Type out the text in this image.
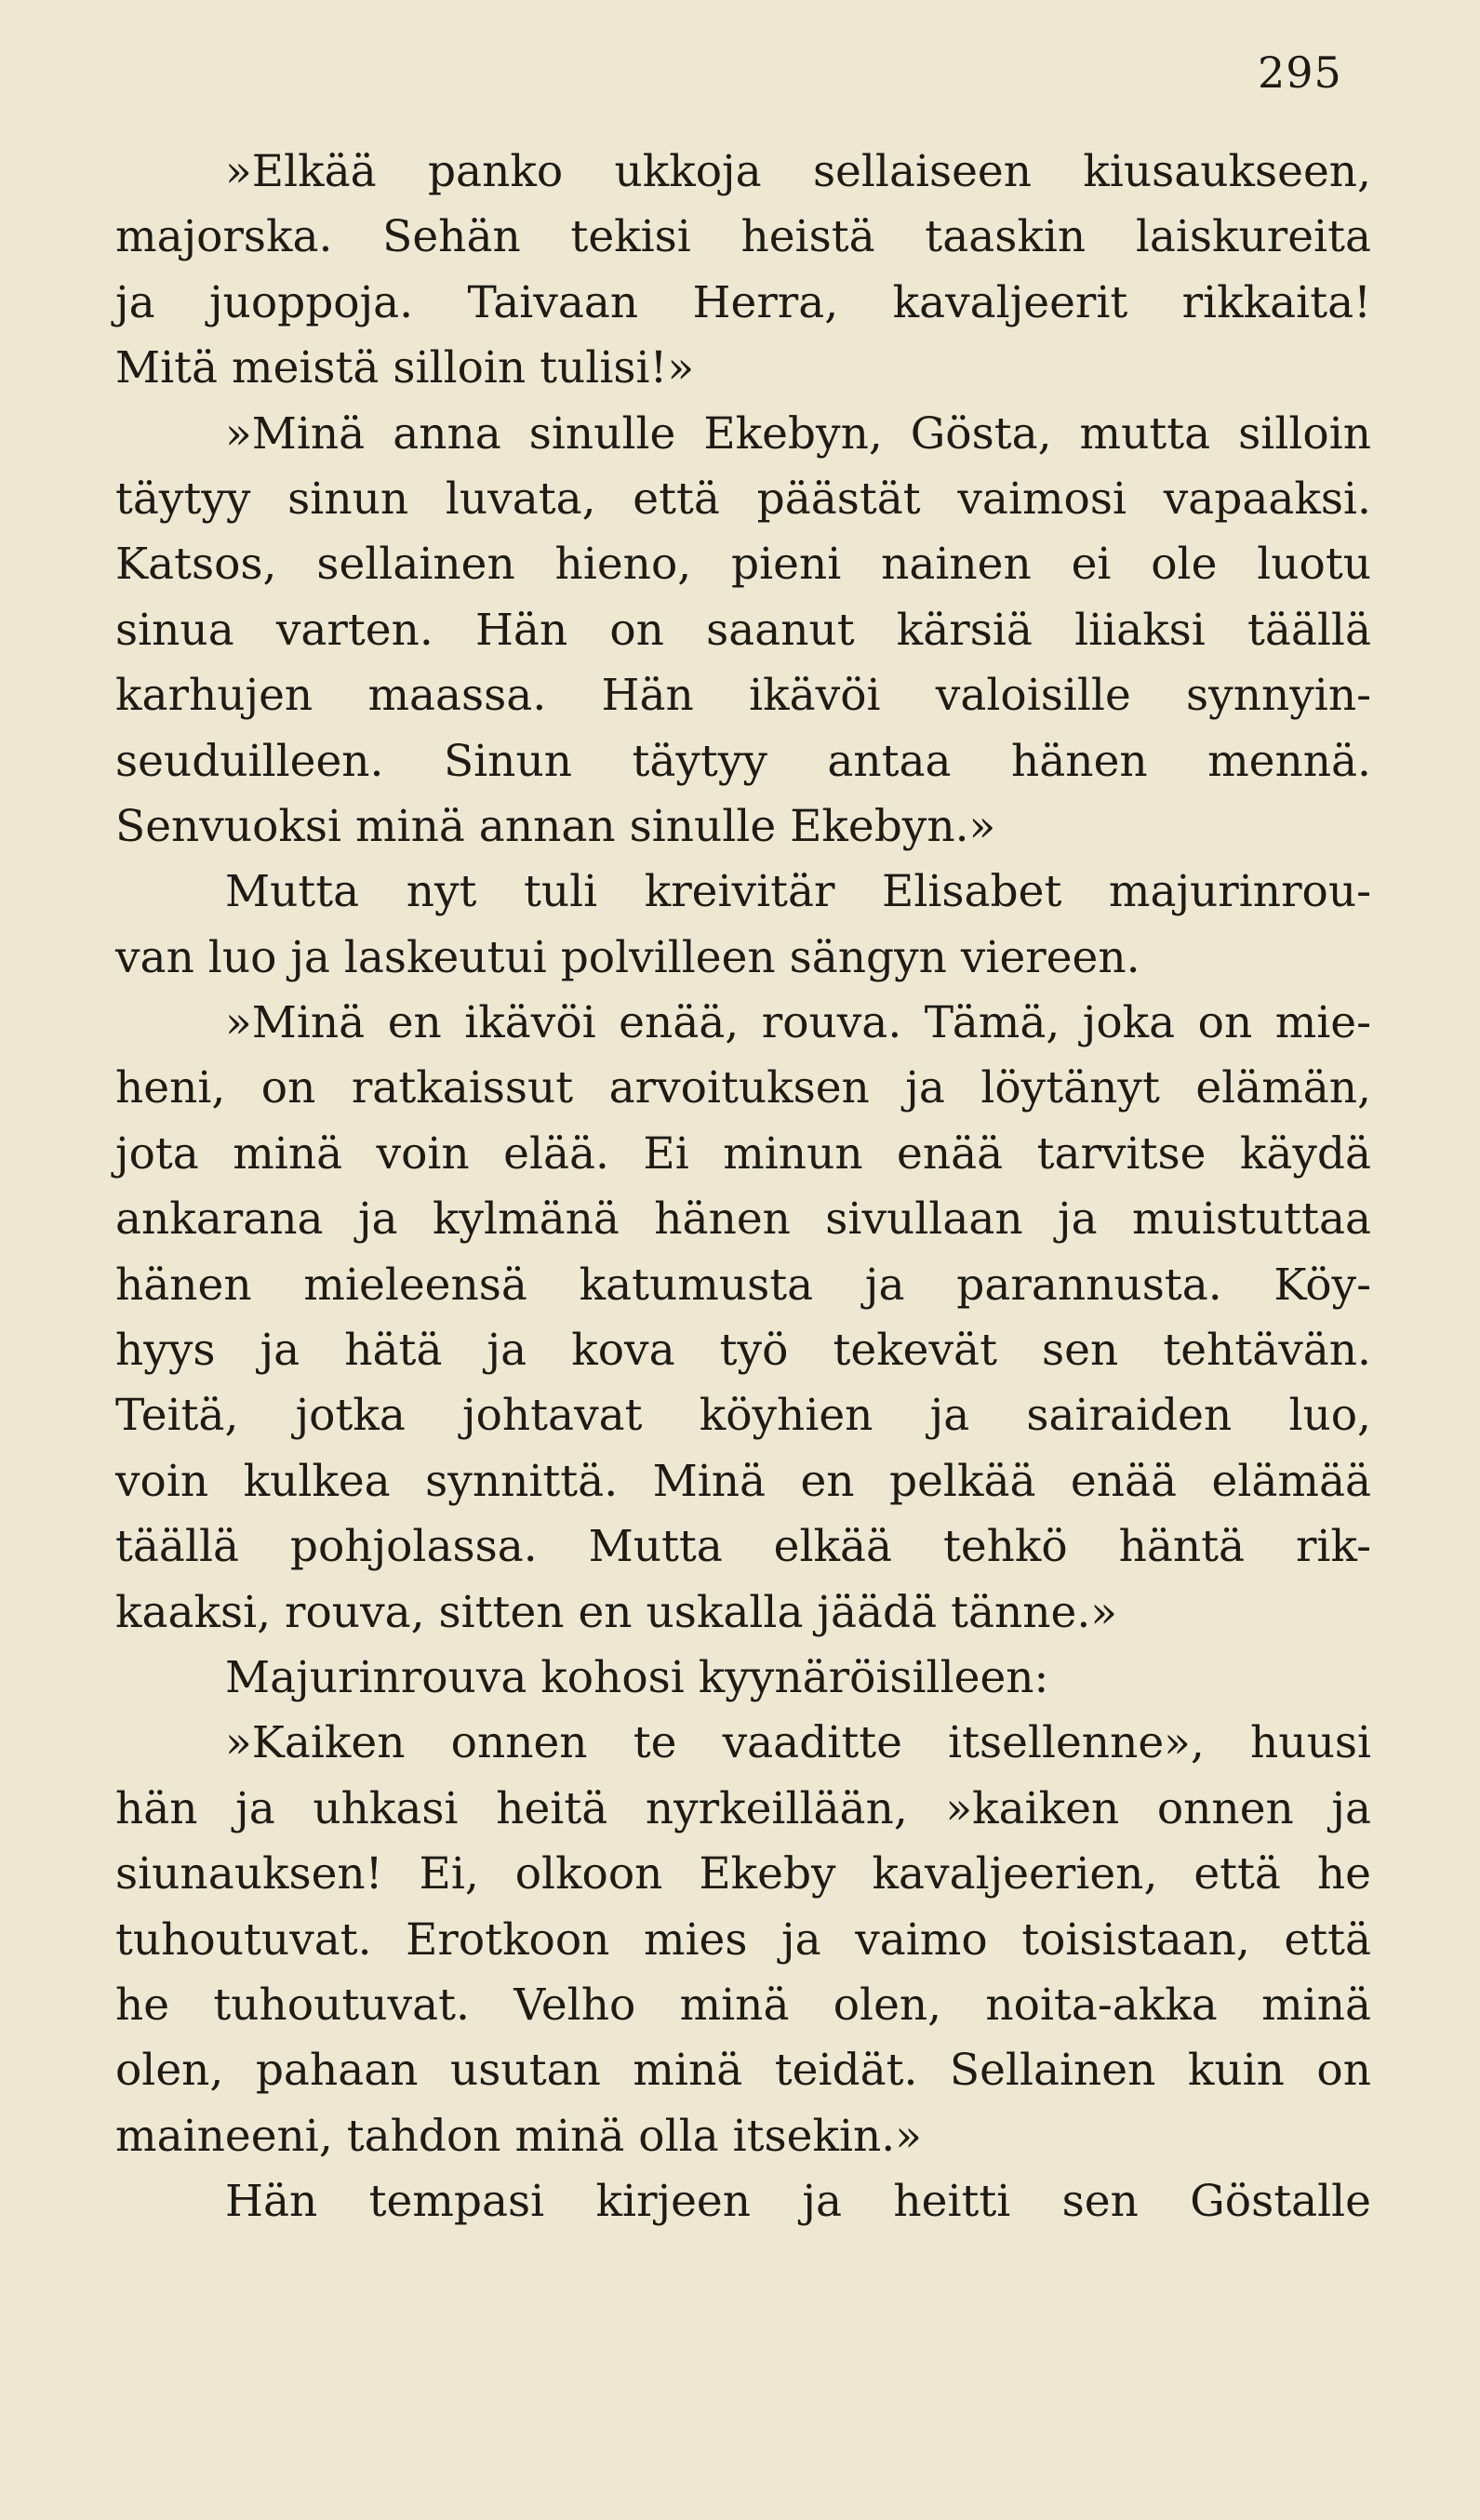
295
»Elkää panko ukkoja sellaiseen kiusaukseen,
majorska. Sehän tekisi heistä taaskin laiskureita
ja juoppoja. Taivaan Herra, kavaljeerit rikkaita!
Mitä meistä silloin tulisi!»
»Minä anna sinulle Ekebyn, Gösta, mutta silloin
täytyy sinun luvata, että päästät vaimosi vapaaksi.
Katsos, sellainen hieno, pieni nainen ei ole luotu
sinua varten. Hän on saanut kärsiä liiaksi täällä
karhujen maassa. Hän ikävöi valoisille synnyin-
seuduilleen. Sinun täytyy antaa hänen mennä.
Senvuoksi minä annan sinulle Ekebyn.»
Mutta nyt tuli kreivitär Elisabet majurinrou-
van luo ja laskeutui polvilleen sängyn viereen.
»Minä en ikävöi enää, rouva. Tämä, joka on mie-
heni, on ratkaissut arvoituksen ja löytänyt elämän,
jota minä voin elää. Ei minun enää tarvitse käydä
ankarana ja kylmänä hänen sivullaan ja muistuttaa
hänen mieleensä katumusta ja parannusta. Köy-
hyys ja hätä ja kova työ tekevät sen tehtävän.
Teitä, jotka johtavat köyhien ja sairaiden luo,
voin kulkea synnittä. Minä en pelkää enää elämää
täällä pohjolassa. Mutta elkää tehkö häntä rik-
kaaksi, rouva, sitten en uskalla jäädä tänne.»
Majurinrouva kohosi kyynäröisilleen:
»Kaiken onnen te vaaditte itsellenne», huusi
hän ja uhkasi heitä nyrkeillään, »kaiken onnen ja
siunauksen! Ei, olkoon Ekeby kavaljeerien, että he
tuhoutuvat. Erotkoon mies ja vaimo toisistaan, että
he tuhoutuvat. Velho minä olen, noita-akka minä
olen, pahaan usutan minä teidät. Sellainen kuin on
maineeni, tahdon minä olla itsekin.»
Hän tempasi kirjeen ja heitti sen Göstalle
